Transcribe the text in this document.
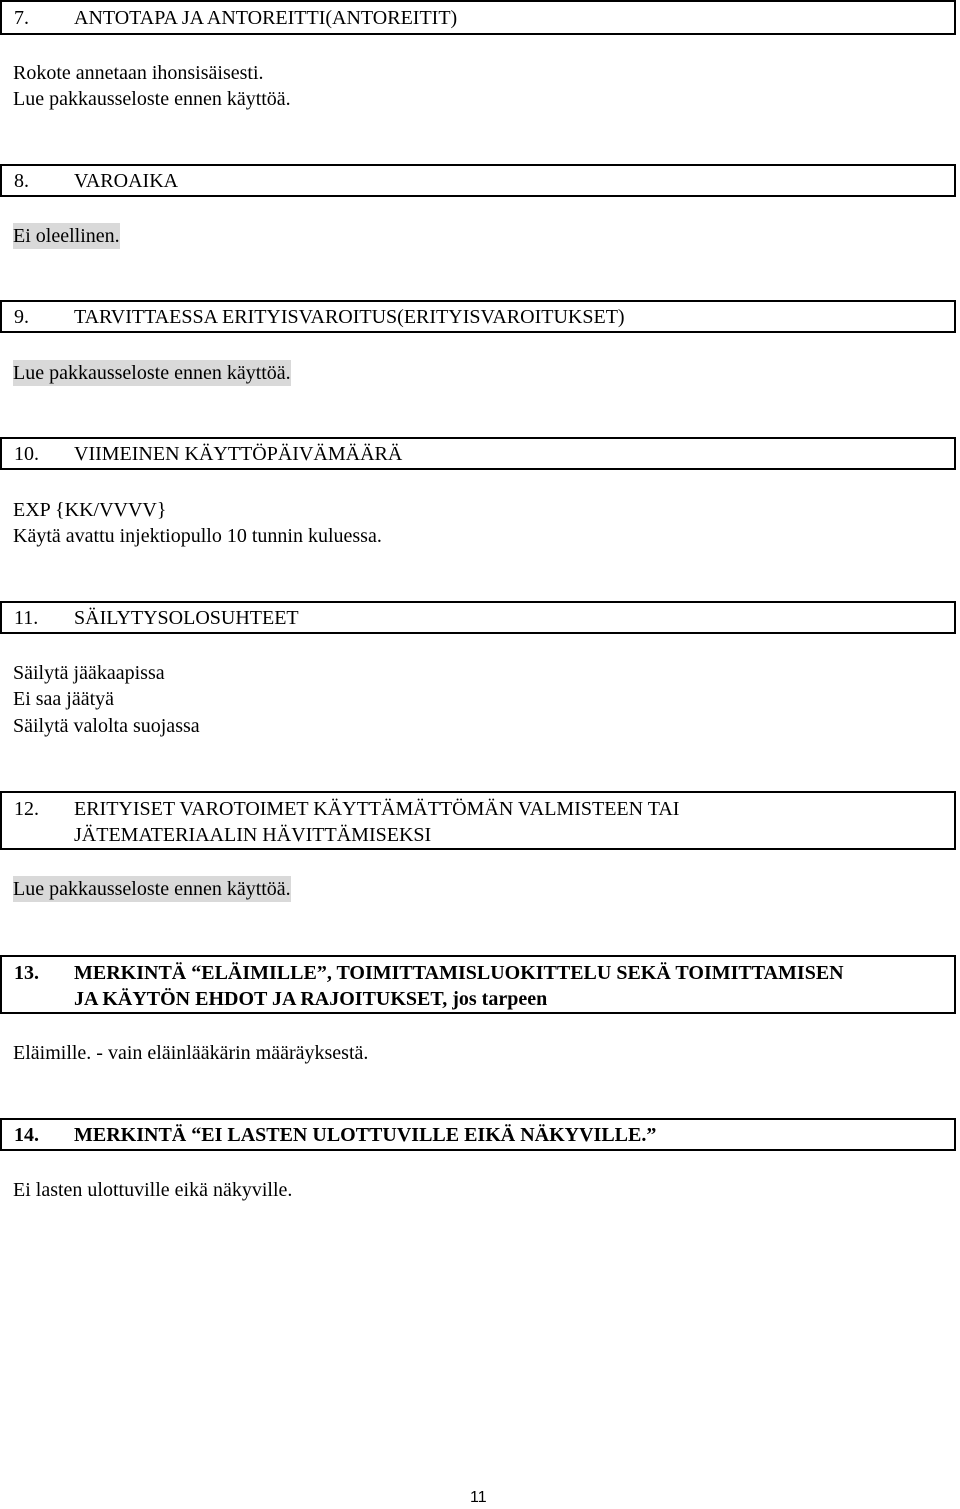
7. ANTOTAPA JA ANTOREITTI(ANTOREITIT)
Rokote annetaan ihonsisäisesti.
Lue pakkausseloste ennen käyttöä.
8. VAROAIKA
Ei oleellinen.
9. TARVITTAESSA ERITYISVAROITUS(ERITYISVAROITUKSET)
Lue pakkausseloste ennen käyttöä.
10. VIIMEINEN KÄYTTÖPÄIVÄMÄÄRÄ
EXP {KK/VVVV}
Käytä avattu injektiopullo 10 tunnin kuluessa.
11. SÄILYTYSOLOSUHTEET
Säilytä jääkaapissa
Ei saa jäätyä
Säilytä valolta suojassa
12. ERITYISET VAROTOIMET KÄYTTÄMÄTTÖMÄN VALMISTEEN TAI
JÄTEMATERIAALIN HÄVITTÄMISEKSI
Lue pakkausseloste ennen käyttöä.
13. MERKINTÄ “ELÄIMILLE”, TOIMITTAMISLUOKITTELU SEKÄ TOIMITTAMISEN
JA KÄYTÖN EHDOT JA RAJOITUKSET, jos tarpeen
Eläimille. - vain eläinlääkärin määräyksestä.
14. MERKINTÄ “EI LASTEN ULOTTUVILLE EIKÄ NÄKYVILLE.”
Ei lasten ulottuville eikä näkyville.
11
